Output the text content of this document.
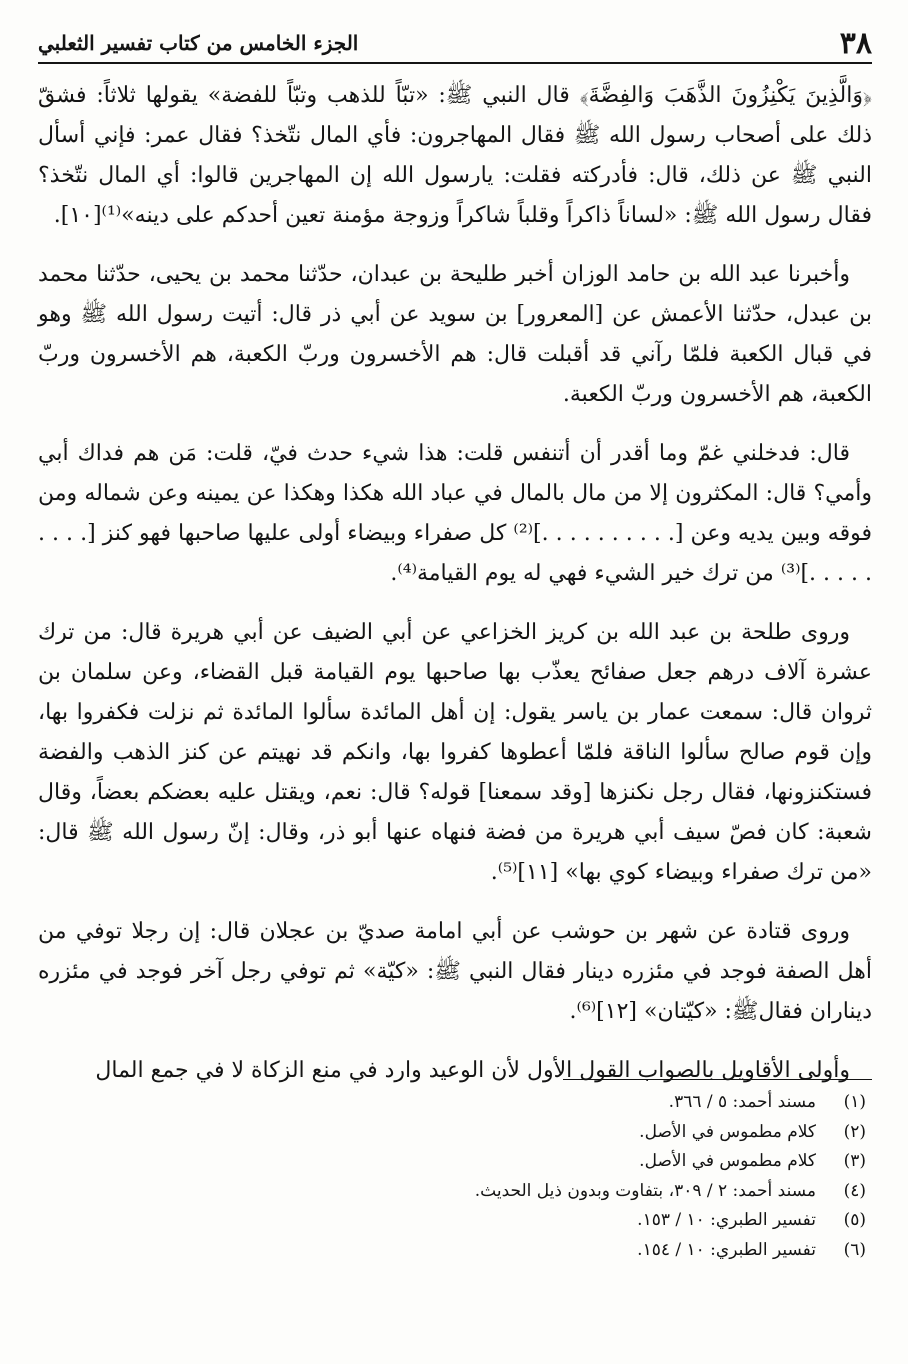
٣٨
الجزء الخامس من كتاب تفسير الثعلبي

﴿وَالَّذِينَ يَكْنِزُونَ الذَّهَبَ وَالفِضَّةَ﴾ قال النبي ﷺ: «تبّاً للذهب وتبّاً للفضة» يقولها ثلاثاً: فشقّ ذلك على أصحاب رسول الله ﷺ فقال المهاجرون: فأي المال نتّخذ؟ فقال عمر: فإني أسأل النبي ﷺ عن ذلك، قال: فأدركته فقلت: يارسول الله إن المهاجرين قالوا: أي المال نتّخذ؟ فقال رسول الله ﷺ: «لساناً ذاكراً وقلباً شاكراً وزوجة مؤمنة تعين أحدكم على دينه»⁽¹⁾[١٠].

وأخبرنا عبد الله بن حامد الوزان أخبر طليحة بن عبدان، حدّثنا محمد بن يحيى، حدّثنا محمد بن عبدل، حدّثنا الأعمش عن [المعرور] بن سويد عن أبي ذر قال: أتيت رسول الله ﷺ وهو في قبال الكعبة فلمّا رآني قد أقبلت قال: هم الأخسرون وربّ الكعبة، هم الأخسرون وربّ الكعبة، هم الأخسرون وربّ الكعبة.

قال: فدخلني غمّ وما أقدر أن أتنفس قلت: هذا شيء حدث فيّ، قلت: مَن هم فداك أبي وأمي؟ قال: المكثرون إلا من مال بالمال في عباد الله هكذا وهكذا عن يمينه وعن شماله ومن فوقه وبين يديه وعن [. . . . . . . . . .]⁽²⁾ كل صفراء وبيضاء أولى عليها صاحبها فهو كنز [. . . . . . . . .]⁽³⁾ من ترك خير الشيء فهي له يوم القيامة⁽⁴⁾.

وروى طلحة بن عبد الله بن كريز الخزاعي عن أبي الضيف عن أبي هريرة قال: من ترك عشرة آلاف درهم جعل صفائح يعذّب بها صاحبها يوم القيامة قبل القضاء، وعن سلمان بن ثروان قال: سمعت عمار بن ياسر يقول: إن أهل المائدة سألوا المائدة ثم نزلت فكفروا بها، وإن قوم صالح سألوا الناقة فلمّا أعطوها كفروا بها، وانكم قد نهيتم عن كنز الذهب والفضة فستكنزونها، فقال رجل نكنزها [وقد سمعنا] قوله؟ قال: نعم، ويقتل عليه بعضكم بعضاً، وقال شعبة: كان فصّ سيف أبي هريرة من فضة فنهاه عنها أبو ذر، وقال: إنّ رسول الله ﷺ قال: «من ترك صفراء وبيضاء كوي بها» [١١]⁽⁵⁾.

وروى قتادة عن شهر بن حوشب عن أبي امامة صديّ بن عجلان قال: إن رجلا توفي من أهل الصفة فوجد في مئزره دينار فقال النبي ﷺ: «كيّة» ثم توفي رجل آخر فوجد في مئزره ديناران فقالﷺ: «كيّتان» [١٢]⁽⁶⁾.

وأولى الأقاويل بالصواب القول الأول لأن الوعيد وارد في منع الزكاة لا في جمع المال

(١)
مسند أحمد: ٥ / ٣٦٦.
(٢)
كلام مطموس في الأصل.
(٣)
كلام مطموس في الأصل.
(٤)
مسند أحمد: ٢ / ٣٠٩، بتفاوت وبدون ذيل الحديث.
(٥)
تفسير الطبري: ١٠ / ١٥٣.
(٦)
تفسير الطبري: ١٠ / ١٥٤.
